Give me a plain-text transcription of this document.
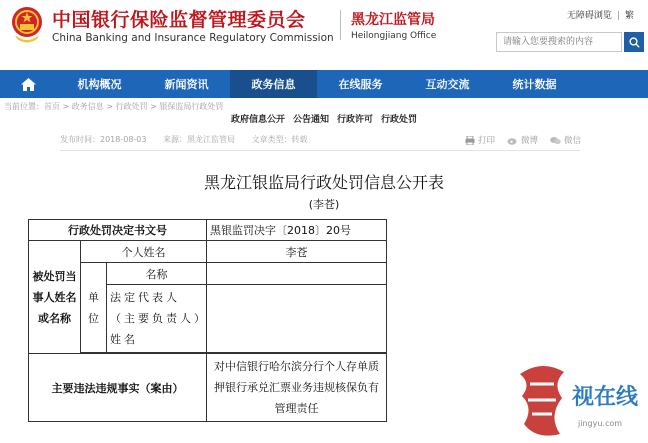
中国银行保险监督管理委员会
China Banking and Insurance Regulatory Commission
黑龙江监管局
Heilongjiang Office
无障碍浏览 | 繁
请输入您要搜索的内容
机构概况	新闻资讯	政务信息	在线服务	互动交流	统计数据
当前位置：首页 > 政务信息 > 行政处罚 > 银保监局行政处罚
政府信息公开 公告通知 行政许可 行政处罚
发布时间：2018-08-03 来源：黑龙江监管局 文章类型：转载	打印	微博	微信
黑龙江银监局行政处罚信息公开表
(李苍)
行政处罚决定书文号			黑银监罚决字〔2018〕20号
被处罚当事人姓名或名称	个人姓名		李苍
	单位	名称	
		法定代表人（主要负责人）姓名	

主要违法违规事实（案由）			对中信银行哈尔滨分行个人存单质押银行承兑汇票业务违规核保负有管理责任	视在线
jingyu.com
